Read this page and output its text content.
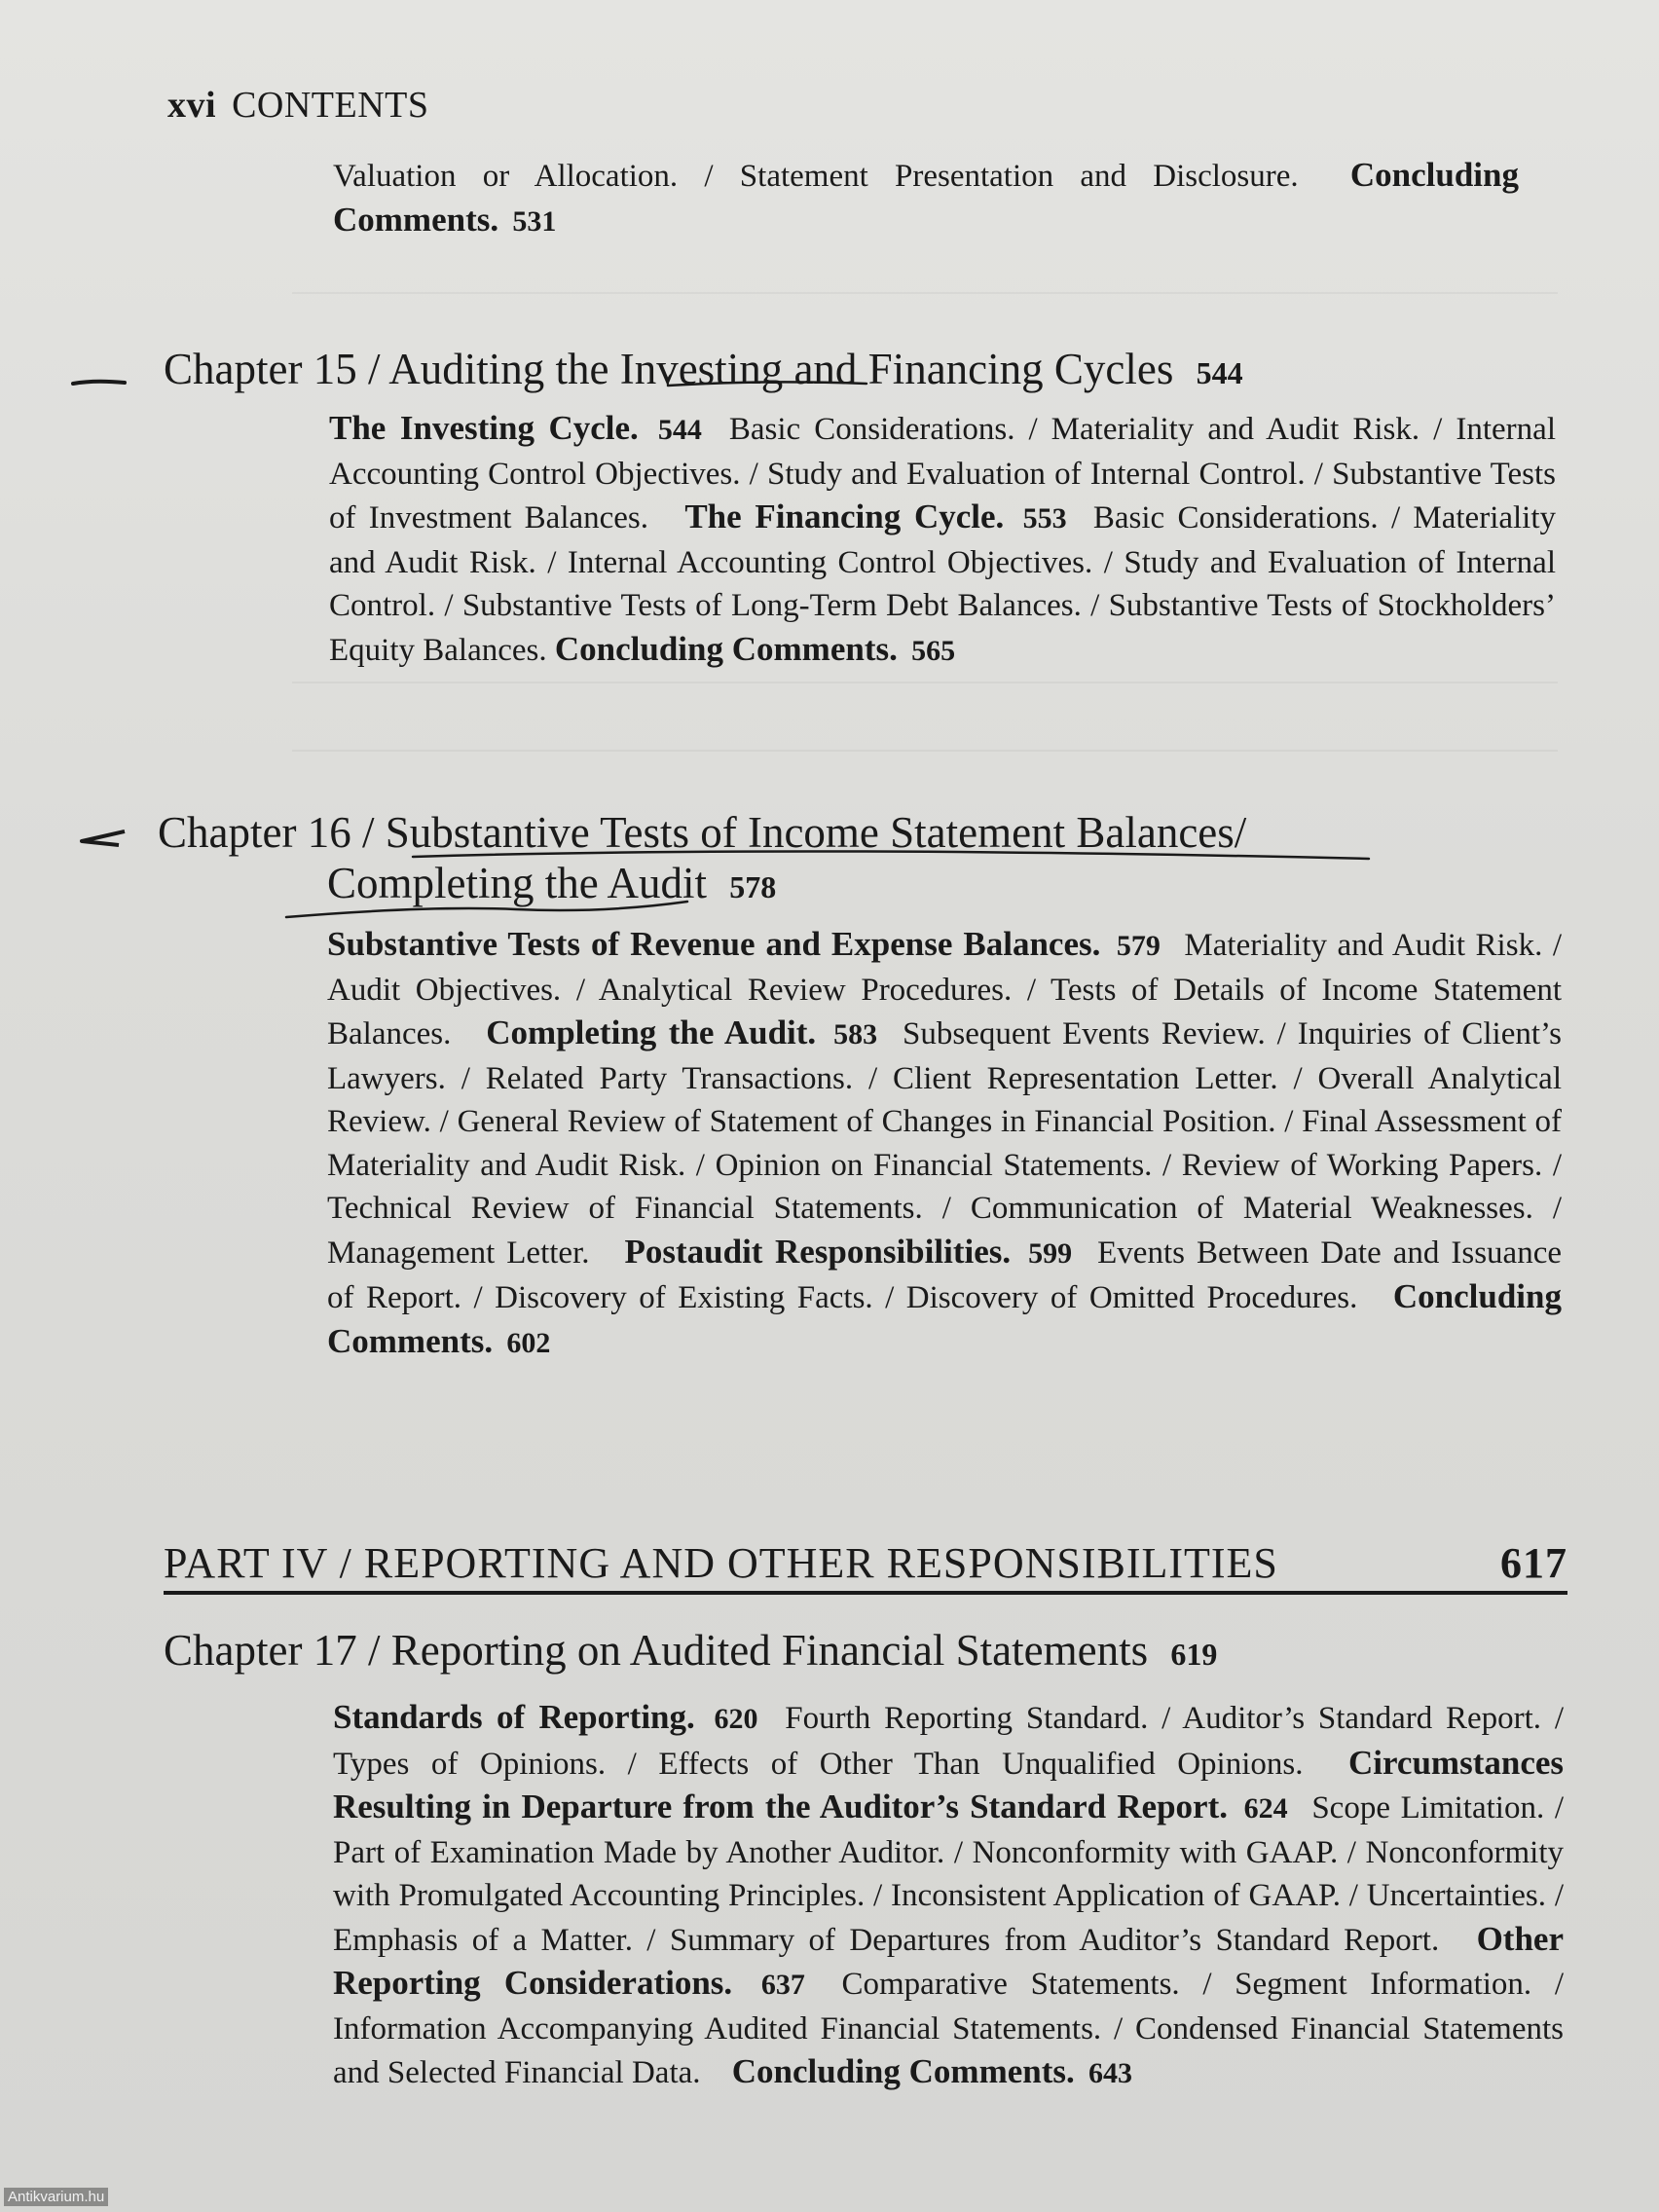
xvi CONTENTS
Valuation or Allocation. / Statement Presentation and Disclosure. Concluding Comments. 531
Chapter 15 / Auditing the Investing and Financing Cycles 544
The Investing Cycle. 544 Basic Considerations. / Materiality and Audit Risk. / Internal Accounting Control Objectives. / Study and Evaluation of Internal Control. / Substantive Tests of Investment Balances. The Financing Cycle. 553 Basic Considerations. / Materiality and Audit Risk. / Internal Accounting Control Objectives. / Study and Evaluation of Internal Control. / Substantive Tests of Long-Term Debt Balances. / Substantive Tests of Stockholders’ Equity Balances. Concluding Comments. 565
Chapter 16 / Substantive Tests of Income Statement Balances/
Completing the Audit 578
Substantive Tests of Revenue and Expense Balances. 579 Materiality and Audit Risk. / Audit Objectives. / Analytical Review Procedures. / Tests of Details of Income Statement Balances. Completing the Audit. 583 Subsequent Events Review. / Inquiries of Client’s Lawyers. / Related Party Transactions. / Client Representation Letter. / Overall Analytical Review. / General Review of Statement of Changes in Financial Position. / Final Assessment of Materiality and Audit Risk. / Opinion on Financial Statements. / Review of Working Papers. / Technical Review of Financial Statements. / Communication of Material Weaknesses. / Management Letter. Postaudit Responsibilities. 599 Events Between Date and Issuance of Report. / Discovery of Existing Facts. / Discovery of Omitted Procedures. Concluding Comments. 602
PART IV / REPORTING AND OTHER RESPONSIBILITIES	617
Chapter 17 / Reporting on Audited Financial Statements 619
Standards of Reporting. 620 Fourth Reporting Standard. / Auditor’s Standard Report. / Types of Opinions. / Effects of Other Than Unqualified Opinions. Circumstances Resulting in Departure from the Auditor’s Standard Report. 624 Scope Limitation. / Part of Examination Made by Another Auditor. / Nonconformity with GAAP. / Nonconformity with Promulgated Accounting Principles. / Inconsistent Application of GAAP. / Uncertainties. / Emphasis of a Matter. / Summary of Departures from Auditor’s Standard Report. Other Reporting Considerations. 637 Comparative Statements. / Segment Information. / Information Accompanying Audited Financial Statements. / Condensed Financial Statements and Selected Financial Data. Concluding Comments. 643
Antikvarium.hu
